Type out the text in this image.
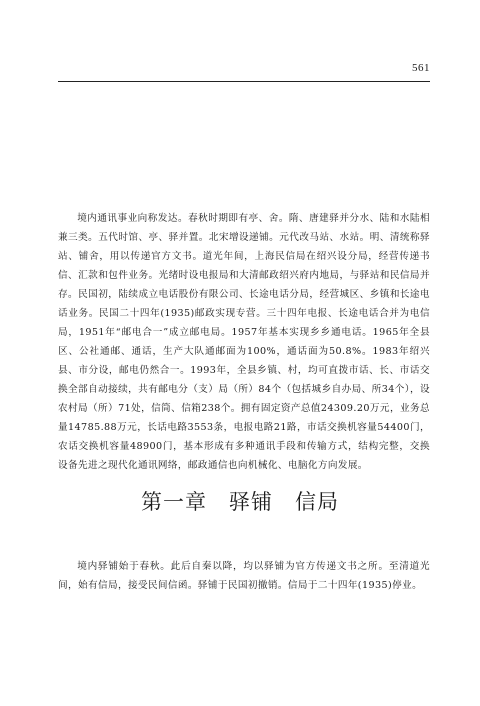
561

境内通讯事业向称发达。春秋时期即有亭、舍。隋、唐建驿并分水、陆和水陆相兼三类。五代时馆、亭、驿并置。北宋增设递铺。元代改马站、水站。明、清统称驿站、铺舍，用以传递官方文书。道光年间，上海民信局在绍兴设分局，经营传递书信、汇款和包件业务。光绪时设电报局和大清邮政绍兴府内地局，与驿站和民信局并存。民国初，陆续成立电话股份有限公司、长途电话分局，经营城区、乡镇和长途电话业务。民国二十四年(1935)邮政实现专营。三十四年电报、长途电话合并为电信局，1951年“邮电合一”成立邮电局。1957年基本实现乡乡通电话。1965年全县区、公社通邮、通话，生产大队通邮面为100%，通话面为50.8%。1983年绍兴县、市分设，邮电仍然合一。1993年，全县乡镇、村，均可直拨市话、长、市话交换全部自动接续，共有邮电分（支）局（所）84个（包括城乡自办局、所34个），设农村局（所）71处，信筒、信箱238个。拥有固定资产总值24309.20万元，业务总量14785.88万元，长话电路3553条，电报电路21路，市话交换机容量54400门，农话交换机容量48900门，基本形成有多种通讯手段和传输方式，结构完整，交换设备先进之现代化通讯网络，邮政通信也向机械化、电脑化方向发展。

第一章　驿铺　信局

境内驿铺始于春秋。此后自秦以降，均以驿铺为官方传递文书之所。至清道光间，始有信局，接受民间信函。驿铺于民国初撤销。信局于二十四年(1935)停业。
